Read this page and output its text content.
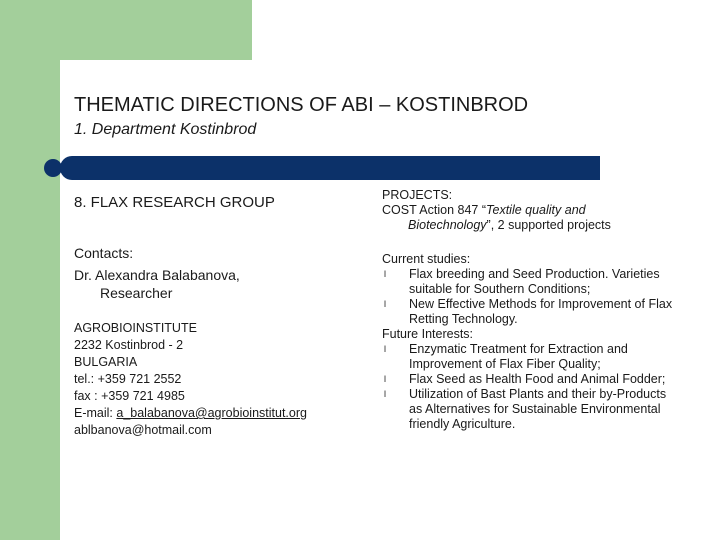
THEMATIC DIRECTIONS OF ABI – KOSTINBROD
1. Department Kostinbrod
8. FLAX RESEARCH GROUP
Contacts:
Dr. Alexandra Balabanova,
Researcher
AGROBIOINSTITUTE
2232 Kostinbrod - 2
BULGARIA
tel.: +359 721 2552
fax : +359 721 4985
E-mail: a_balabanova@agrobioinstitut.org
ablbanova@hotmail.com
PROJECTS:
COST Action 847 “Textile quality and
Biotechnology”, 2 supported projects
Current studies:
l Flax breeding and Seed Production. Varieties suitable for Southern Conditions;
l New Effective Methods for Improvement of Flax Retting Technology.
Future Interests:
l Enzymatic Treatment for Extraction and Improvement of Flax Fiber Quality;
l Flax Seed as Health Food and Animal Fodder;
l Utilization of Bast Plants and their by-Products as Alternatives for Sustainable Environmental friendly Agriculture.
